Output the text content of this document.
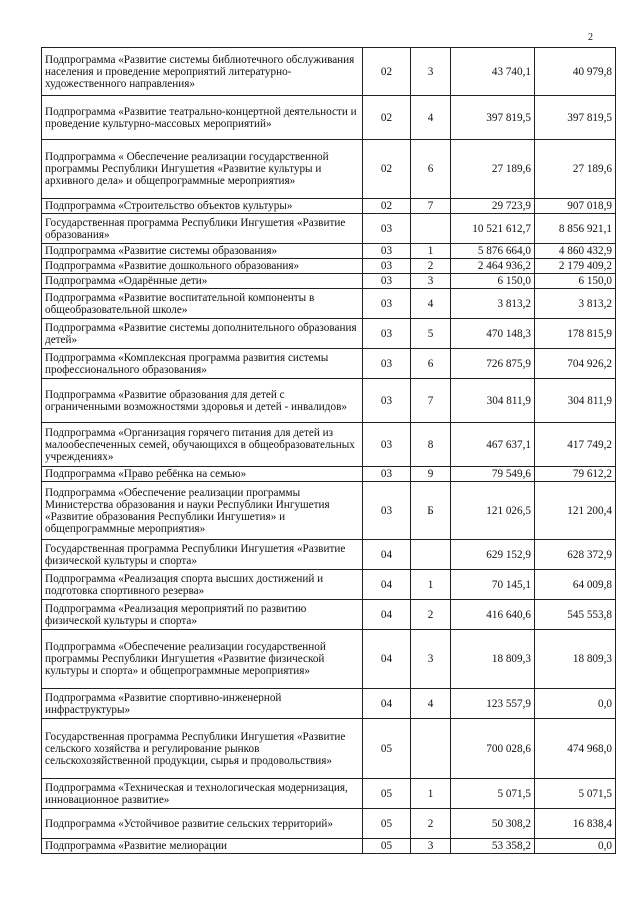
2
Подпрограмма «Развитие системы библиотечного обслуживания населения и проведение мероприятий литературно-художественного направления»	02	3	43 740,1	40 979,8
Подпрограмма «Развитие театрально-концертной деятельности и проведение культурно-массовых мероприятий»	02	4	397 819,5	397 819,5
Подпрограмма « Обеспечение реализации государственной программы Республики Ингушетия «Развитие культуры и архивного дела» и общепрограммные мероприятия»	02	6	27 189,6	27 189,6
Подпрограмма «Строительство объектов культуры»	02	7	29 723,9	907 018,9
Государственная программа Республики Ингушетия «Развитие образования»	03		10 521 612,7	8 856 921,1
Подпрограмма «Развитие системы образования»	03	1	5 876 664,0	4 860 432,9
Подпрограмма «Развитие дошкольного образования»	03	2	2 464 936,2	2 179 409,2
Подпрограмма «Одарённые дети»	03	3	6 150,0	6 150,0
Подпрограмма «Развитие воспитательной компоненты в общеобразовательной школе»	03	4	3 813,2	3 813,2
Подпрограмма «Развитие системы дополнительного образования детей»	03	5	470 148,3	178 815,9
Подпрограмма «Комплексная программа развития системы профессионального образования»	03	6	726 875,9	704 926,2
Подпрограмма «Развитие образования для детей с ограниченными возможностями здоровья и детей - инвалидов»	03	7	304 811,9	304 811,9
Подпрограмма «Организация горячего питания для детей из малообеспеченных семей, обучающихся в общеобразовательных учреждениях»	03	8	467 637,1	417 749,2
Подпрограмма «Право ребёнка на семью»	03	9	79 549,6	79 612,2
Подпрограмма «Обеспечение реализации программы Министерства образования и науки Республики Ингушетия «Развитие образования Республики Ингушетия» и общепрограммные мероприятия»	03	Б	121 026,5	121 200,4
Государственная программа Республики Ингушетия «Развитие физической культуры и спорта»	04		629 152,9	628 372,9
Подпрограмма «Реализация спорта высших достижений и подготовка спортивного резерва»	04	1	70 145,1	64 009,8
Подпрограмма «Реализация мероприятий по развитию физической культуры и спорта»	04	2	416 640,6	545 553,8
Подпрограмма «Обеспечение реализации государственной программы Республики Ингушетия «Развитие физической культуры и спорта» и общепрограммные мероприятия»	04	3	18 809,3	18 809,3
Подпрограмма «Развитие спортивно-инженерной инфраструктуры»	04	4	123 557,9	0,0
Государственная программа Республики Ингушетия «Развитие сельского хозяйства и регулирование рынков сельскохозяйственной продукции, сырья и продовольствия»	05		700 028,6	474 968,0
Подпрограмма «Техническая и технологическая модернизация, инновационное развитие»	05	1	5 071,5	5 071,5
Подпрограмма «Устойчивое развитие сельских территорий»	05	2	50 308,2	16 838,4
Подпрограмма «Развитие мелиорации	05	3	53 358,2	0,0
